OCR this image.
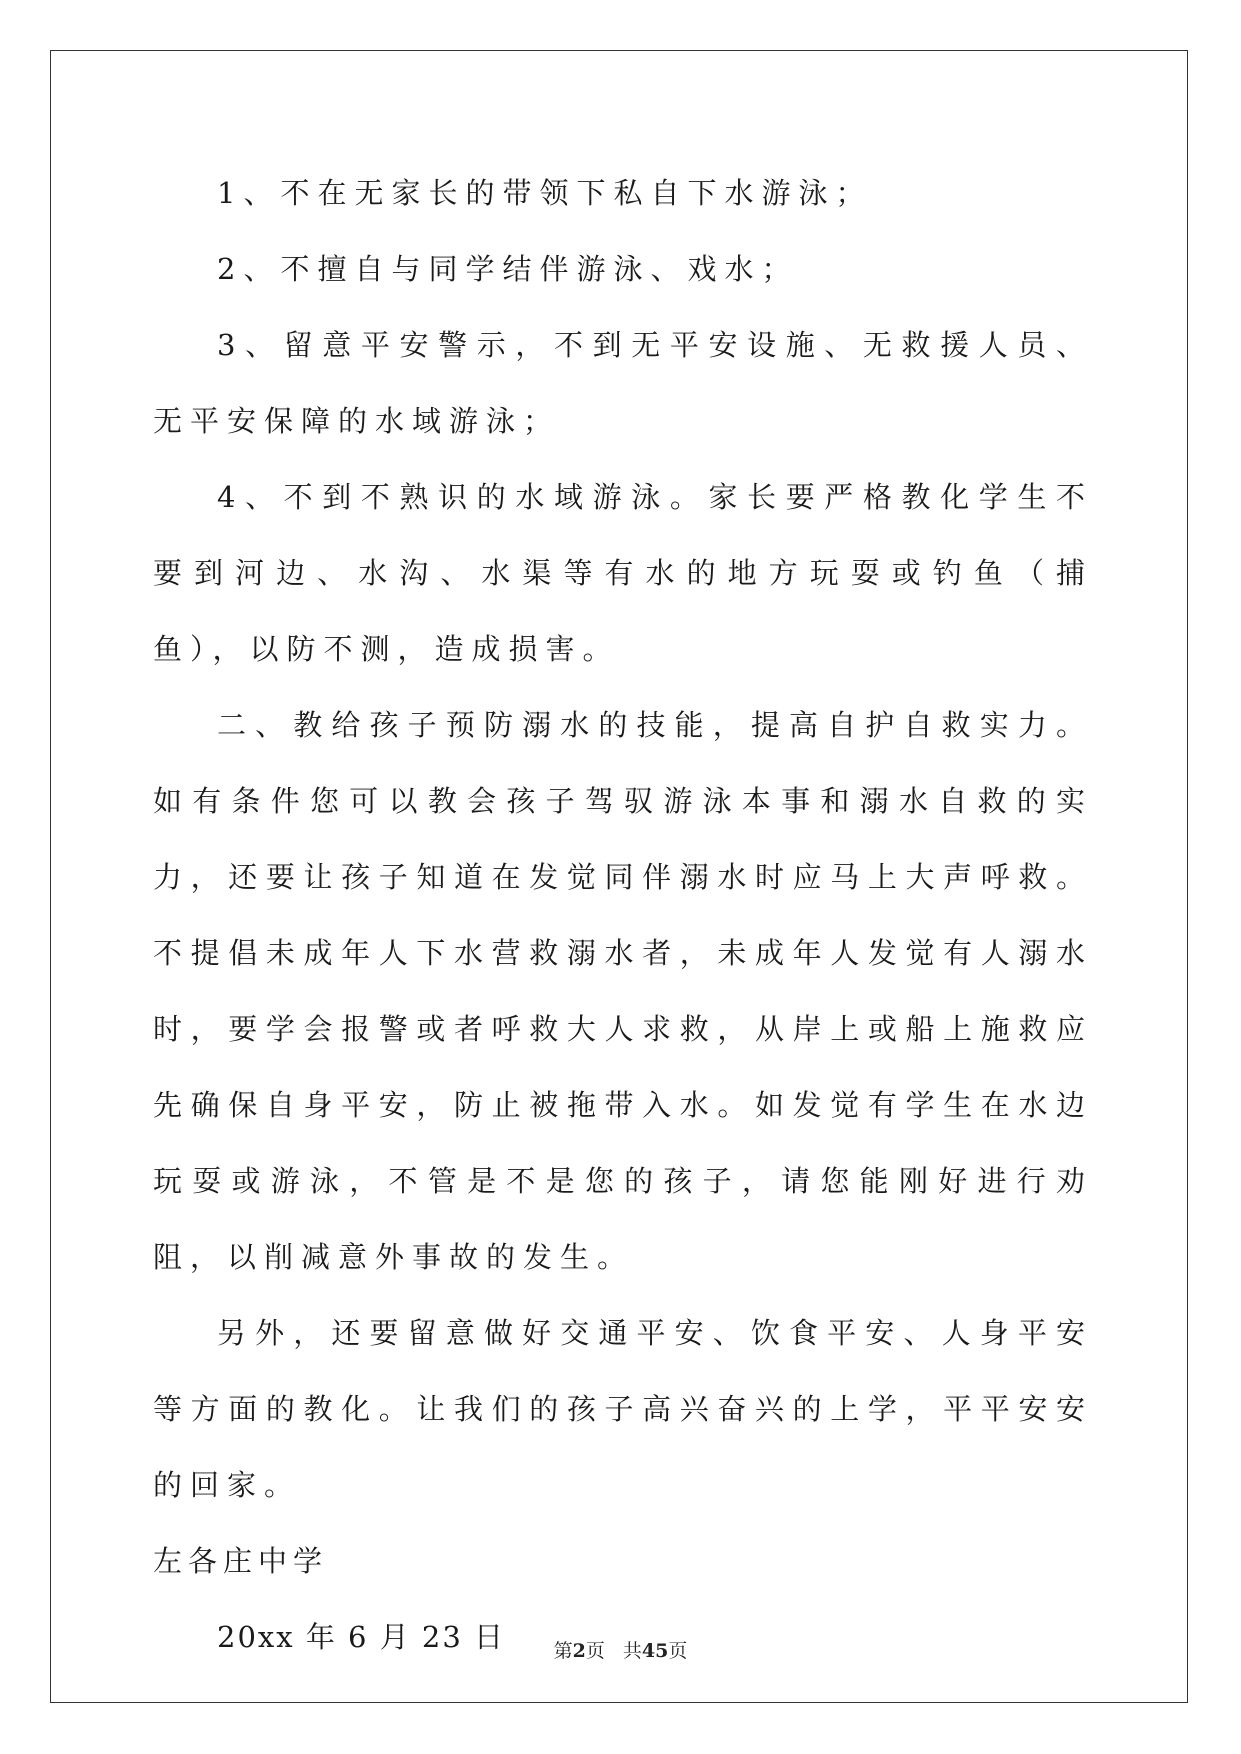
1、不在无家长的带领下私自下水游泳；

2、不擅自与同学结伴游泳、戏水；

3、留意平安警示，不到无平安设施、无救援人员、无平安保障的水域游泳；

4、不到不熟识的水域游泳。家长要严格教化学生不要到河边、水沟、水渠等有水的地方玩耍或钓鱼（捕鱼），以防不测，造成损害。

二、教给孩子预防溺水的技能，提高自护自救实力。如有条件您可以教会孩子驾驭游泳本事和溺水自救的实力，还要让孩子知道在发觉同伴溺水时应马上大声呼救。不提倡未成年人下水营救溺水者，未成年人发觉有人溺水时，要学会报警或者呼救大人求救，从岸上或船上施救应先确保自身平安，防止被拖带入水。如发觉有学生在水边玩耍或游泳，不管是不是您的孩子，请您能刚好进行劝阻，以削减意外事故的发生。

另外，还要留意做好交通平安、饮食平安、人身平安等方面的教化。让我们的孩子高兴奋兴的上学，平平安安的回家。

左各庄中学

20xx 年 6 月 23 日	第2页 共45页
